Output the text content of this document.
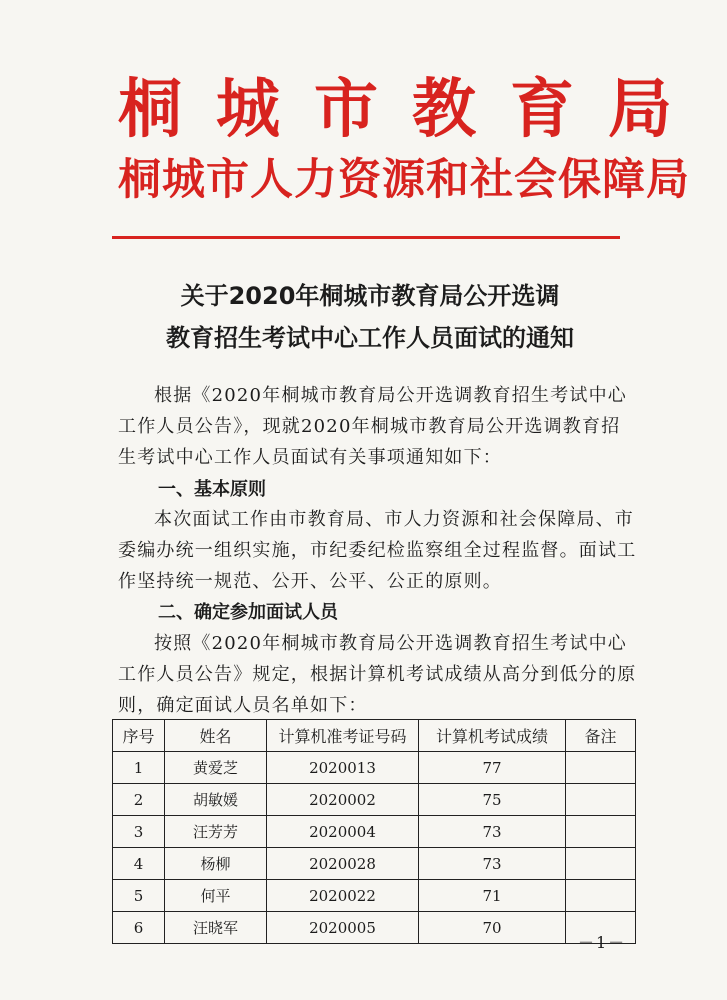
桐城市教育局
桐城市人力资源和社会保障局
关于2020年桐城市教育局公开选调
教育招生考试中心工作人员面试的通知

根据《2020年桐城市教育局公开选调教育招生考试中心工作人员公告》，现就2020年桐城市教育局公开选调教育招生考试中心工作人员面试有关事项通知如下：

一、基本原则

本次面试工作由市教育局、市人力资源和社会保障局、市委编办统一组织实施，市纪委纪检监察组全过程监督。面试工作坚持统一规范、公开、公平、公正的原则。

二、确定参加面试人员

按照《2020年桐城市教育局公开选调教育招生考试中心工作人员公告》规定，根据计算机考试成绩从高分到低分的原则，确定面试人员名单如下：

序号	姓名	计算机准考证号码	计算机考试成绩	备注
1	黄爱芝	2020013	77	
2	胡敏媛	2020002	75	
3	汪芳芳	2020004	73	
4	杨柳	2020028	73	
5	何平	2020022	71	
6	汪晓军	2020005	70	
－1－
